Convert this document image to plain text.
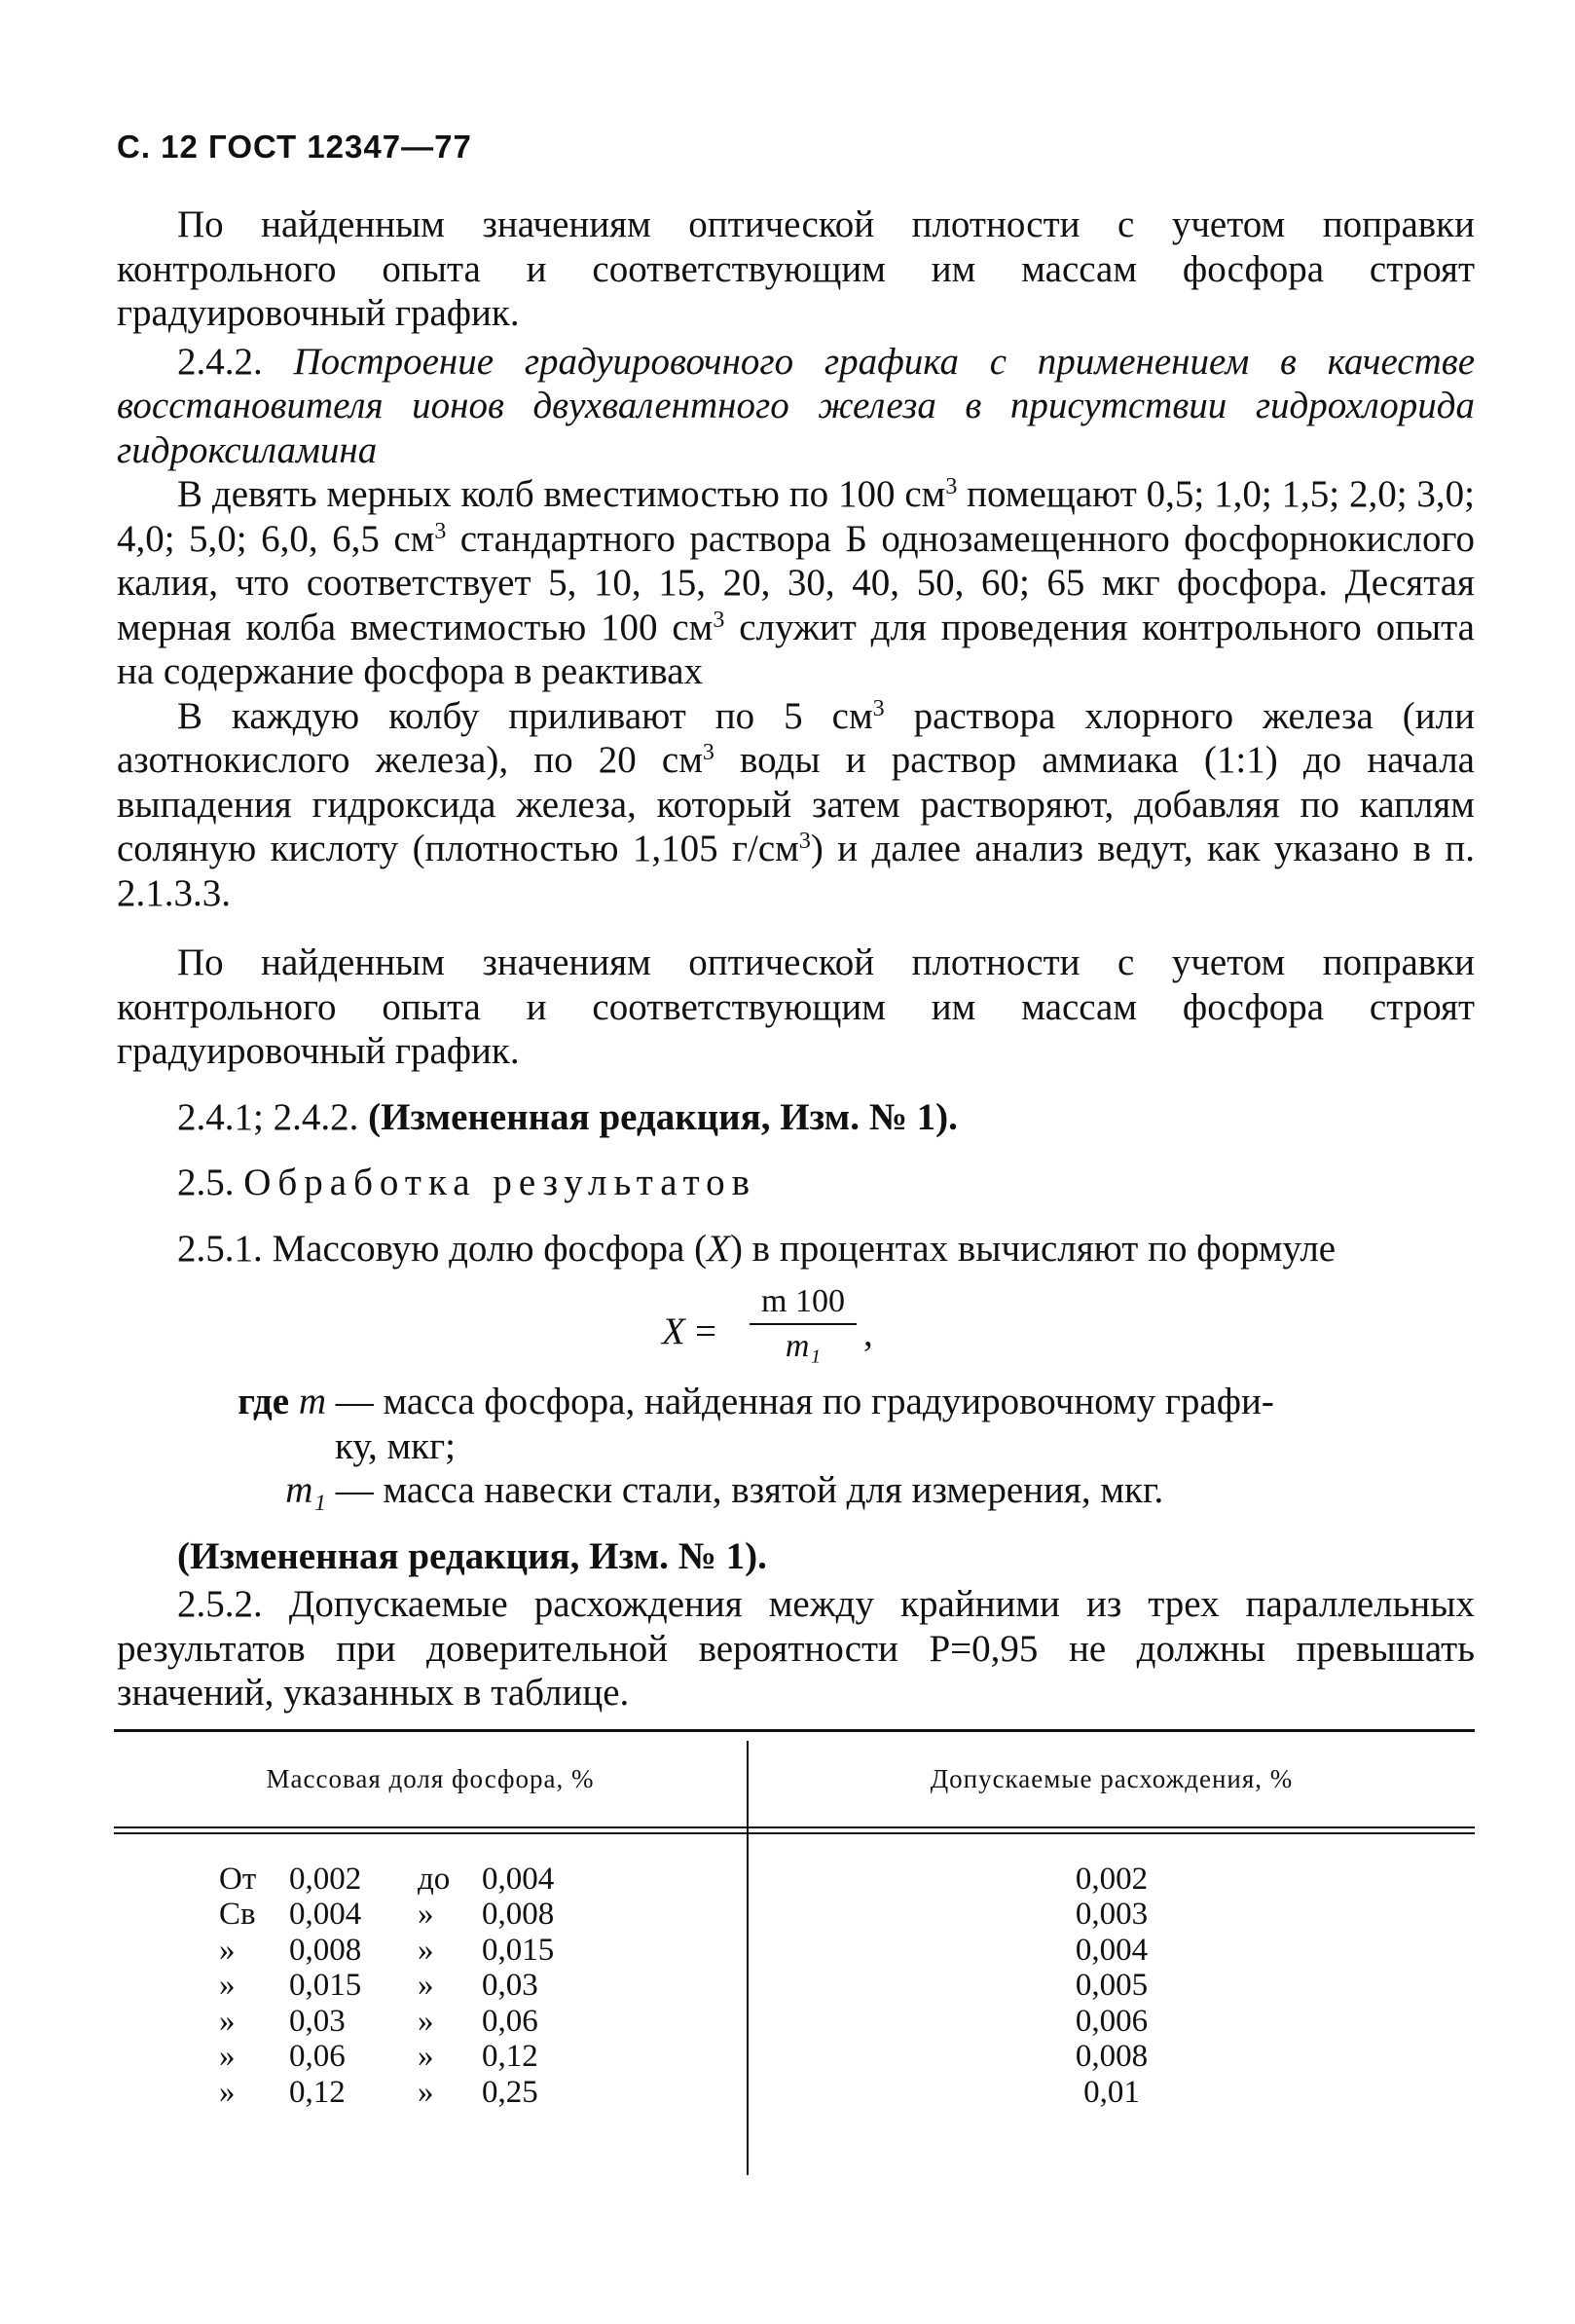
С. 12 ГОСТ 12347—77

По найденным значениям оптической плотности с учетом поправки контрольного опыта и соответствующим им массам фосфора строят градуировочный график.

2.4.2. Построение градуировочного графика с применением в качестве восстановителя ионов двухвалентного железа в присутствии гидрохлорида гидроксиламина

В девять мерных колб вместимостью по 100 $см^3$ помещают 0,5; 1,0; 1,5; 2,0; 3,0; 4,0; 5,0; 6,0, 6,5 $см^3$ стандартного раствора Б однозамещенного фосфорнокислого калия, что соответствует 5, 10, 15, 20, 30, 40, 50, 60; 65 мкг фосфора. Десятая мерная колба вместимостью 100 $см^3$ служит для проведения контрольного опыта на содержание фосфора в реактивах

В каждую колбу приливают по 5 $см^3$ раствора хлорного железа (или азотнокислого железа), по 20 $см^3$ воды и раствор аммиака (1:1) до начала выпадения гидроксида железа, который затем растворяют, добавляя по каплям соляную кислоту (плотностью 1,105 $г/см^3$) и далее анализ ведут, как указано в п. 2.1.3.3.

По найденным значениям оптической плотности с учетом поправки контрольного опыта и соответствующим им массам фосфора строят градуировочный график.

2.4.1; 2.4.2. (Измененная редакция, Изм. № 1).

2.5. Обработка результатов

2.5.1. Массовую долю фосфора (X) в процентах вычисляют по формуле

X =
m 100
m₁	,
где m — масса фосфора, найденная по градуировочному графи-
ку, мкг;
m₁ — масса навески стали, взятой для измерения, мкг.

(Измененная редакция, Изм. № 1).

2.5.2. Допускаемые расхождения между крайними из трех параллельных результатов при доверительной вероятности Р=0,95 не должны превышать значений, указанных в таблице.

Массовая доля фосфора, %	Допускаемые расхождения, %
От	0,002 до 0,004	0,002
Св	0,004 » 0,008	0,003
»	0,008 » 0,015	0,004
»	0,015 » 0,03	0,005
»	0,03 » 0,06	0,006
»	0,06 » 0,12	0,008
»	0,12 » 0,25	0,01
